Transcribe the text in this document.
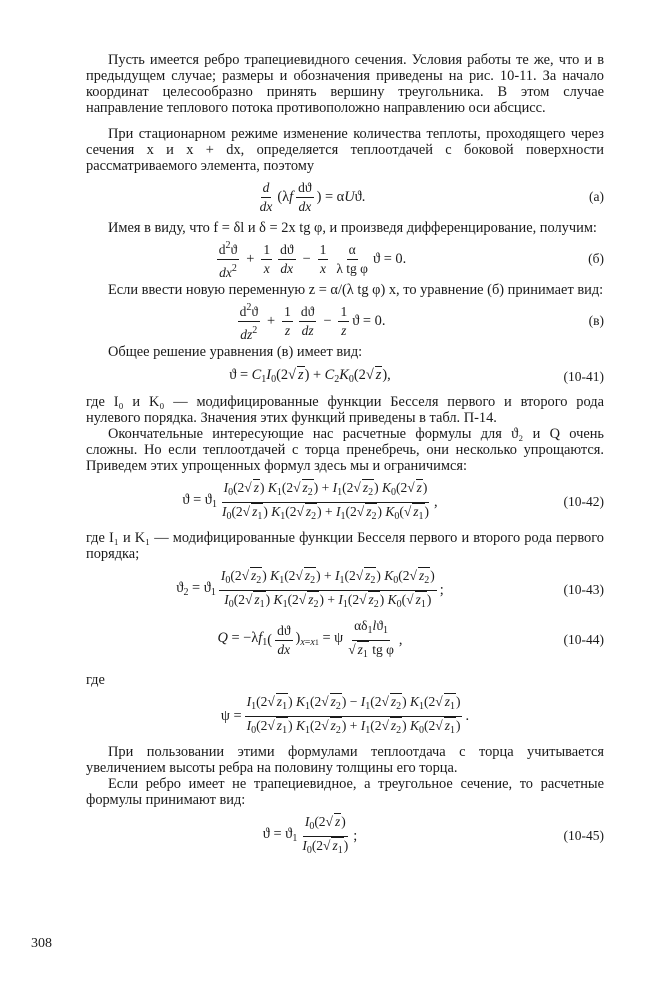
Пусть имеется ребро трапециевидного сечения. Условия работы те же, что и в предыдущем случае; размеры и обозначения приведены на рис. 10-11. За начало координат целесообразно принять вершину треугольника. В этом случае направление теплового потока противоположно направлению оси абсцисс.

При стационарном режиме изменение количества теплоты, проходящего через сечения x и x + dx, определяется теплоотдачей с боковой поверхности рассматриваемого элемента, поэтому

$\frac{d}{dx} (\lambda f \frac{dϑ}{dx}$ ) = αUϑ.	(а)

Имея в виду, что f = δl и δ = 2x tg φ, и произведя дифференцирование, получим:

$\frac{d^2ϑ}{dx^2} + \frac{1}{x} \frac{dϑ}{dx} - \frac{1}{x} \frac{\alpha}{\text{λ tg φ}}$ ϑ = 0.	(б)

Если ввести новую переменную z = α/(λ tg φ) x, то уравнение (б) принимает вид:

$\frac{d^2ϑ}{dz^2} + \frac{1}{z} \frac{dϑ}{dz} - \frac{1}{z}$ ϑ = 0.	(в)

Общее решение уравнения (в) имеет вид:

$ϑ = C_1I_0(2√$ $z) + C_2K_0(2√$ z),	(10-41)

где I₀ и K₀ — модифицированные функции Бесселя первого и второго рода нулевого порядка. Значения этих функций приведены в табл. П-14.

Окончательные интересующие нас расчетные формулы для ϑ₂ и Q очень сложны. Но если теплоотдачей с торца пренебречь, они несколько упрощаются. Приведем этих упрощенных формул здесь мы и ограничимся:

$ϑ = ϑ_1 \frac{I_0(2√ z) K_1(2√ z_2) + I_1(2√ z_2) K_0(2√ z)}{I_0(2√ z_1) K_1(2√ z_2) + I_1(2√ z_2) K_0(√ z_1)}$ ,	(10-42)

где I₁ и K₁ — модифицированные функции Бесселя первого и второго рода первого порядка;

$ϑ_2 = ϑ_1 \frac{I_0(2√ z_2) K_1(2√ z_2) + I_1(2√ z_2) K_0(2√ z_2)}{I_0(2√ z_1) K_1(2√ z_2) + I_1(2√ z_2) K_0(√ z_1)}$ ;	(10-43)
$Q = -\lambda f_1$ ( $\frac{dϑ}{dx} )_{x=x1} = \psi \frac{\alpha\delta_1lϑ_1}{√ z_1 tg \varphi}$ ,	(10-44)

где

$\psi = \frac{I_1(2√ z_1) K_1(2√ z_2) - I_1(2√ z_2) K_1(2√ z_1)}{I_0(2√ z_1) K_1(2√ z_2) + I_1(2√ z_2) K_0(2√ z_1)}$ .

При пользовании этими формулами теплоотдача с торца учитывается увеличением высоты ребра на половину толщины его торца.

Если ребро имеет не трапециевидное, а треугольное сечение, то расчетные формулы принимают вид:

$ϑ = ϑ_1 \frac{I_0(2√ z)}{I_0(2√ z_1)}$ ;	(10-45)
308
